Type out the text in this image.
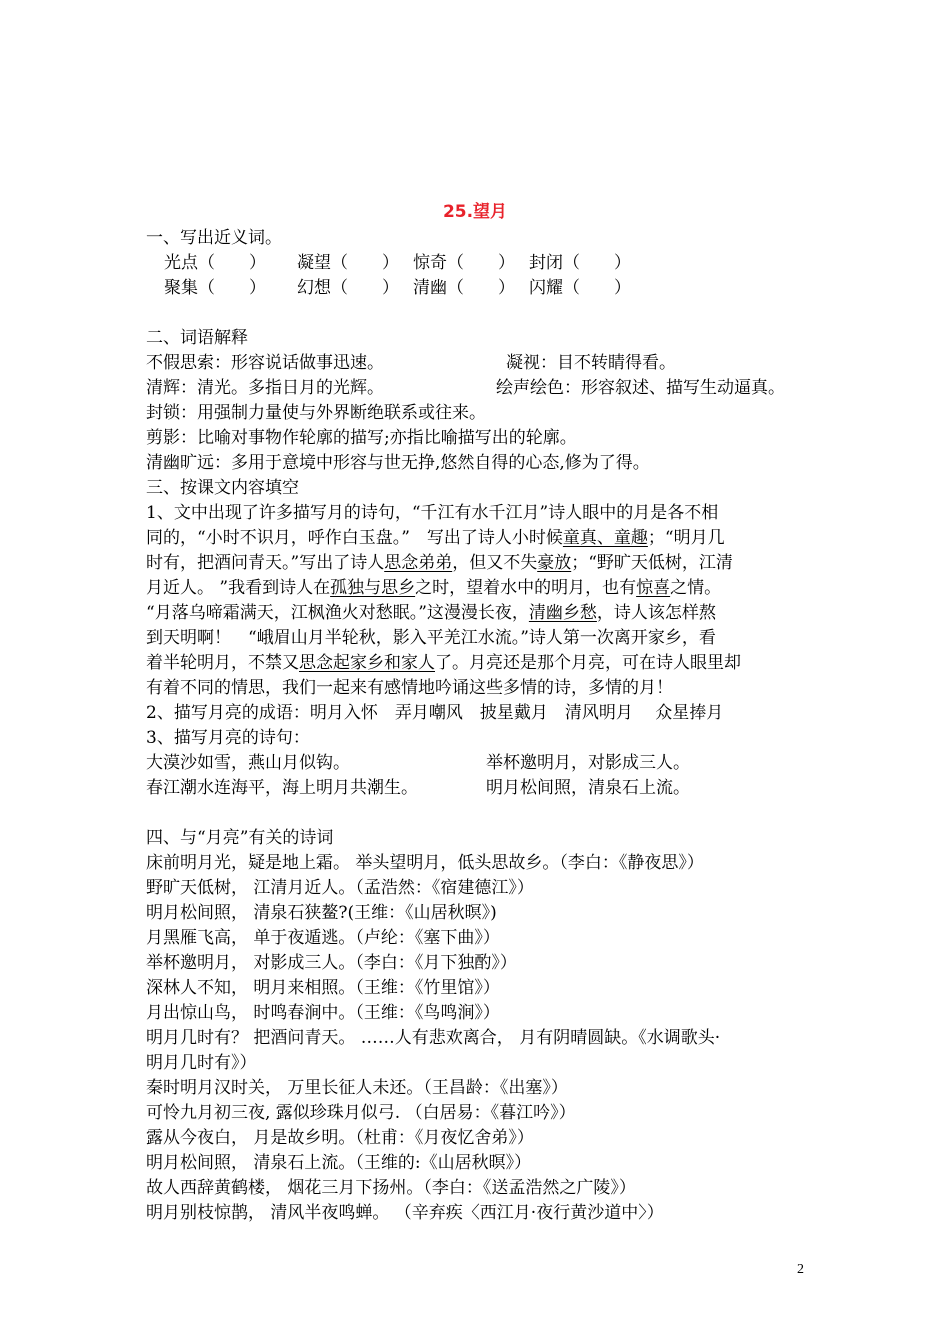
25.望月
一、写出近义词。
光点（　　） 凝望（　　） 惊奇（　　） 封闭（　　）
聚集（　　） 幻想（　　） 清幽（　　） 闪耀（　　）
二、词语解释
不假思索：形容说话做事迅速。	凝视：目不转睛得看。
清辉：清光。多指日月的光辉。	绘声绘色：形容叙述、描写生动逼真。
封锁：用强制力量使与外界断绝联系或往来。
剪影：比喻对事物作轮廓的描写;亦指比喻描写出的轮廓。
清幽旷远：多用于意境中形容与世无挣,悠然自得的心态,修为了得。
三、按课文内容填空
1、文中出现了许多描写月的诗句，“千江有水千江月”诗人眼中的月是各不相
同的，“小时不识月，呼作白玉盘。”　写出了诗人小时候童真、童趣；“明月几
时有，把酒问青天。”写出了诗人思念弟弟，但又不失豪放；“野旷天低树，江清
月近人。 ”我看到诗人在孤独与思乡之时，望着水中的明月，也有惊喜之情。
“月落乌啼霜满天，江枫渔火对愁眠。”这漫漫长夜，清幽乡愁，诗人该怎样熬
到天明啊！　“峨眉山月半轮秋，影入平羌江水流。”诗人第一次离开家乡，看
着半轮明月，不禁又思念起家乡和家人了。月亮还是那个月亮，可在诗人眼里却
有着不同的情思，我们一起来有感情地吟诵这些多情的诗，多情的月！
2、描写月亮的成语：明月入怀　弄月嘲风　披星戴月　清风明月　 众星捧月
3、描写月亮的诗句：
大漠沙如雪，燕山月似钩。	举杯邀明月，对影成三人。
春江潮水连海平，海上明月共潮生。	明月松间照，清泉石上流。
四、与“月亮”有关的诗词
床前明月光，疑是地上霜。 举头望明月，低头思故乡。（李白：《静夜思》）
野旷天低树， 江清月近人。（孟浩然：《宿建德江》）
明月松间照， 清泉石狭鳌?(王维：《山居秋暝》)
月黑雁飞高， 单于夜遁逃。（卢纶：《塞下曲》）
举杯邀明月， 对影成三人。（李白：《月下独酌》）
深林人不知， 明月来相照。（王维：《竹里馆》）
月出惊山鸟， 时鸣春涧中。（王维：《鸟鸣涧》）
明月几时有？ 把酒问青天。 ……人有悲欢离合， 月有阴晴圆缺。《水调歌头·
明月几时有》）
秦时明月汉时关， 万里长征人未还。（王昌龄：《出塞》）
可怜九月初三夜, 露似珍珠月似弓. （白居易：《暮江吟》）
露从今夜白， 月是故乡明。（杜甫：《月夜忆舍弟》）
明月松间照， 清泉石上流。（王维的:《山居秋暝》）
故人西辞黄鹤楼， 烟花三月下扬州。（李白：《送孟浩然之广陵》）
明月别枝惊鹊， 清风半夜鸣蝉。 （辛弃疾〈西江月·夜行黄沙道中〉）
2
